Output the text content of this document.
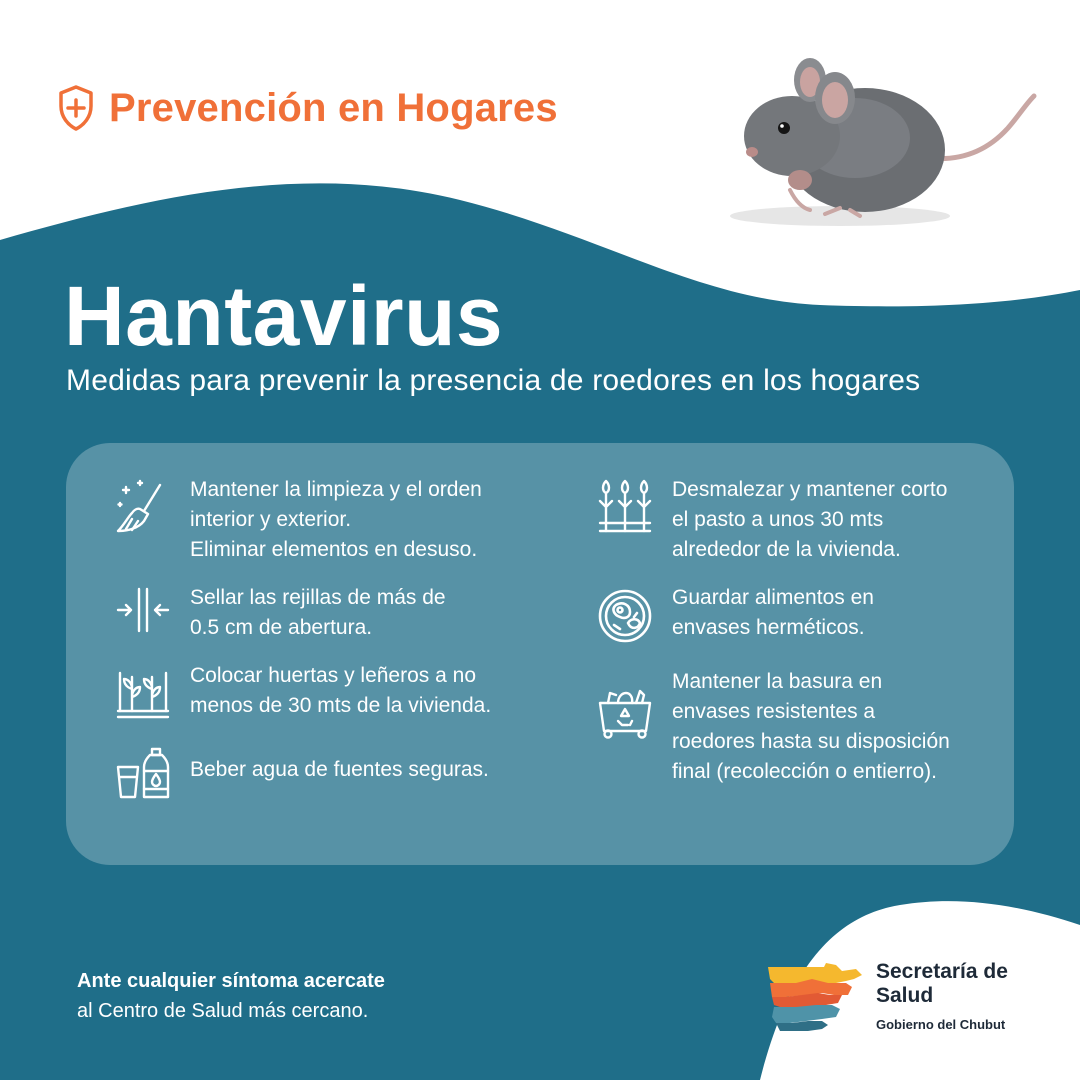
Prevención en Hogares
Hantavirus
Medidas para prevenir la presencia de roedores en los hogares
Mantener la limpieza y el orden
interior y exterior.
Eliminar elementos en desuso.
Sellar las rejillas de más de
0.5 cm de abertura.
Colocar huertas y leñeros a no
menos de 30 mts de la vivienda.
Beber agua de fuentes seguras.
Desmalezar y mantener corto
el pasto a unos 30 mts
alrededor de la vivienda.
Guardar alimentos en
envases herméticos.
Mantener la basura en
envases resistentes a
roedores hasta su disposición
final (recolección o entierro).
Ante cualquier síntoma acercate
al Centro de Salud más cercano.
Secretaría de
Salud
Gobierno del Chubut
